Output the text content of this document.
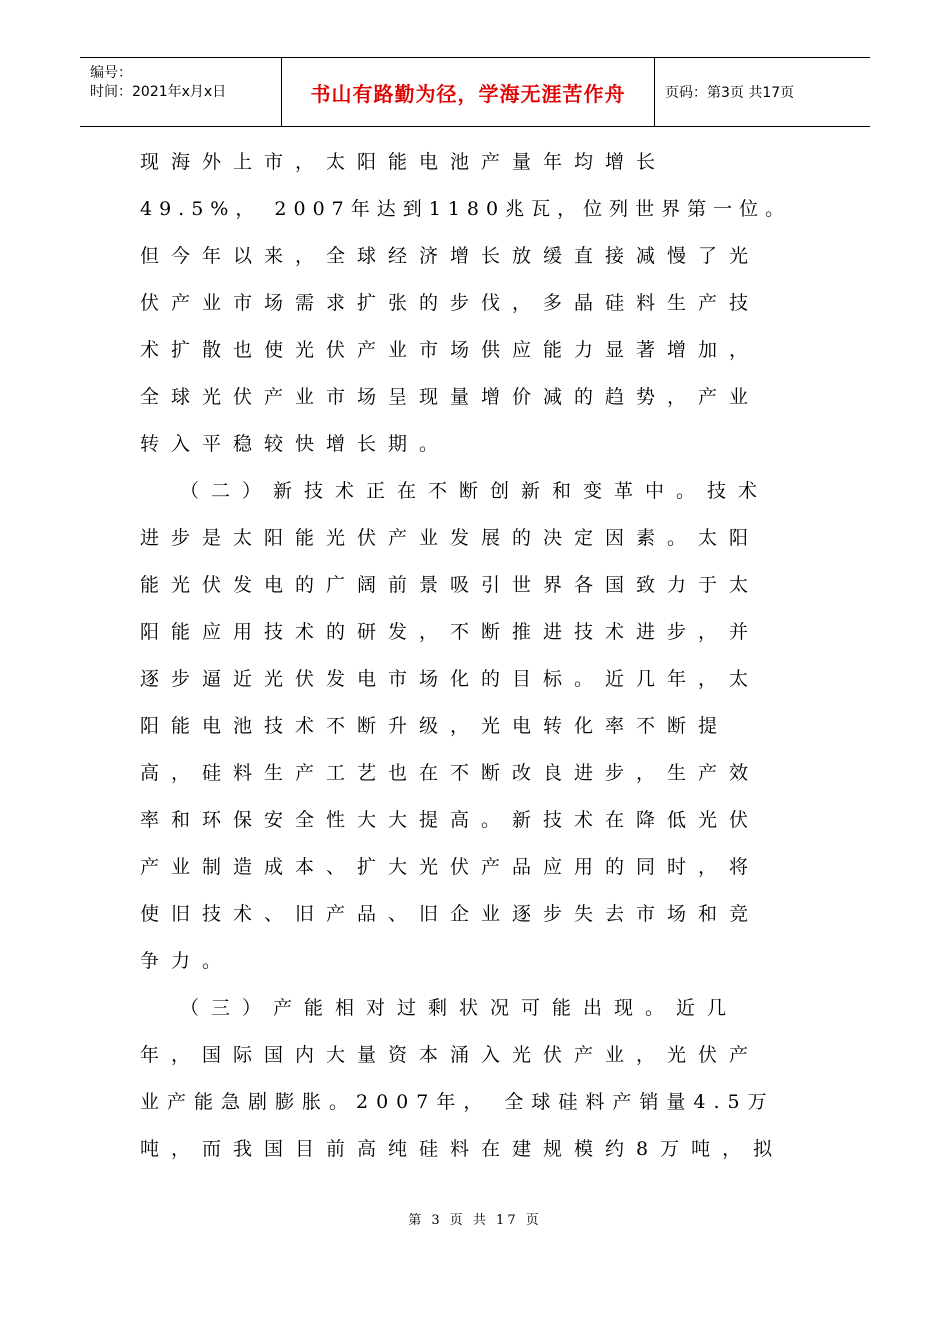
编号：
时间：2021年x月x日	书山有路勤为径，学海无涯苦作舟	页码：第3页 共17页
现海外上市，太阳能电池产量年均增长
49.5%， 2007年达到1180兆瓦，位列世界第一位。
但今年以来，全球经济增长放缓直接减慢了光
伏产业市场需求扩张的步伐，多晶硅料生产技
术扩散也使光伏产业市场供应能力显著增加，
全球光伏产业市场呈现量增价减的趋势，产业
转入平稳较快增长期。
（二）新技术正在不断创新和变革中。技术
进步是太阳能光伏产业发展的决定因素。太阳
能光伏发电的广阔前景吸引世界各国致力于太
阳能应用技术的研发，不断推进技术进步，并
逐步逼近光伏发电市场化的目标。近几年，太
阳能电池技术不断升级，光电转化率不断提
高，硅料生产工艺也在不断改良进步，生产效
率和环保安全性大大提高。新技术在降低光伏
产业制造成本、扩大光伏产品应用的同时，将
使旧技术、旧产品、旧企业逐步失去市场和竞
争力。
（三）产能相对过剩状况可能出现。近几
年，国际国内大量资本涌入光伏产业，光伏产
业产能急剧膨胀。2007年， 全球硅料产销量4.5万
吨，而我国目前高纯硅料在建规模约8万吨，拟
第 3 页 共 17 页
